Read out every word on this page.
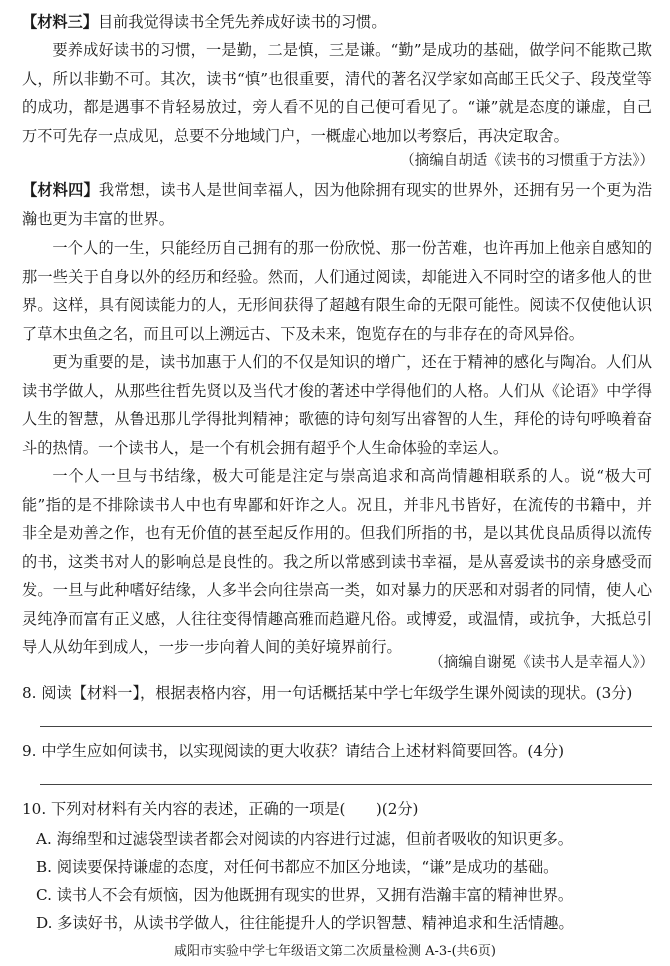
【材料三】目前我觉得读书全凭先养成好读书的习惯。
要养成好读书的习惯，一是勤，二是慎，三是谦。“勤”是成功的基础，做学问不能欺己欺人，所以非勤不可。其次，读书“慎”也很重要，清代的著名汉学家如高邮王氏父子、段茂堂等的成功，都是遇事不肯轻易放过，旁人看不见的自己便可看见了。“谦”就是态度的谦虚，自己万不可先存一点成见，总要不分地域门户，一概虚心地加以考察后，再决定取舍。
（摘编自胡适《读书的习惯重于方法》）
【材料四】我常想，读书人是世间幸福人，因为他除拥有现实的世界外，还拥有另一个更为浩瀚也更为丰富的世界。
一个人的一生，只能经历自己拥有的那一份欣悦、那一份苦难，也许再加上他亲自感知的那一些关于自身以外的经历和经验。然而，人们通过阅读，却能进入不同时空的诸多他人的世界。这样，具有阅读能力的人，无形间获得了超越有限生命的无限可能性。阅读不仅使他认识了草木虫鱼之名，而且可以上溯远古、下及未来，饱览存在的与非存在的奇风异俗。
更为重要的是，读书加惠于人们的不仅是知识的增广，还在于精神的感化与陶冶。人们从读书学做人，从那些往哲先贤以及当代才俊的著述中学得他们的人格。人们从《论语》中学得人生的智慧，从鲁迅那儿学得批判精神；歌德的诗句刻写出睿智的人生，拜伦的诗句呼唤着奋斗的热情。一个读书人，是一个有机会拥有超乎个人生命体验的幸运人。
一个人一旦与书结缘，极大可能是注定与崇高追求和高尚情趣相联系的人。说“极大可能”指的是不排除读书人中也有卑鄙和奸诈之人。况且，并非凡书皆好，在流传的书籍中，并非全是劝善之作，也有无价值的甚至起反作用的。但我们所指的书，是以其优良品质得以流传的书，这类书对人的影响总是良性的。我之所以常感到读书幸福，是从喜爱读书的亲身感受而发。一旦与此种嗜好结缘，人多半会向往崇高一类，如对暴力的厌恶和对弱者的同情，使人心灵纯净而富有正义感，人往往变得情趣高雅而趋避凡俗。或博爱，或温情，或抗争，大抵总引导人从幼年到成人，一步一步向着人间的美好境界前行。
（摘编自谢冕《读书人是幸福人》）
8. 阅读【材料一】，根据表格内容，用一句话概括某中学七年级学生课外阅读的现状。(3分)
9. 中学生应如何读书，以实现阅读的更大收获？请结合上述材料简要回答。(4分)
10. 下列对材料有关内容的表述，正确的一项是(　　)(2分)
A. 海绵型和过滤袋型读者都会对阅读的内容进行过滤，但前者吸收的知识更多。
B. 阅读要保持谦虚的态度，对任何书都应不加区分地读，“谦”是成功的基础。
C. 读书人不会有烦恼，因为他既拥有现实的世界，又拥有浩瀚丰富的精神世界。
D. 多读好书，从读书学做人，往往能提升人的学识智慧、精神追求和生活情趣。
咸阳市实验中学七年级语文第二次质量检测 A-3-(共6页)
